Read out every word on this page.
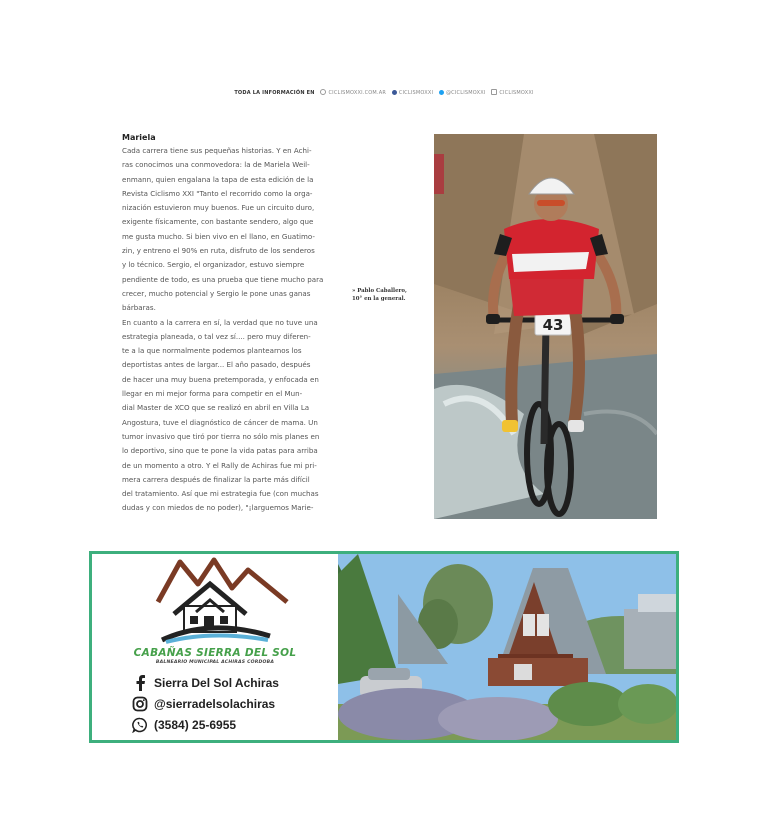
TODA LA INFORMACIÓN EN	CICLISMOXXI.COM.AR	CICLISMOXXI	@CICLISMOXXI	CICLISMOXXI
Mariela

Cada carrera tiene sus pequeñas historias. Y en Achi-
ras conocimos una conmovedora: la de Mariela Weil-
enmann, quien engalana la tapa de esta edición de la
Revista Ciclismo XXI "Tanto el recorrido como la orga-
nización estuvieron muy buenos. Fue un circuito duro,
exigente físicamente, con bastante sendero, algo que
me gusta mucho. Si bien vivo en el llano, en Guatimo-
zin, y entreno el 90% en ruta, disfruto de los senderos
y lo técnico. Sergio, el organizador, estuvo siempre
pendiente de todo, es una prueba que tiene mucho para
crecer, mucho potencial y Sergio le pone unas ganas
bárbaras.

En cuanto a la carrera en sí, la verdad que no tuve una
estrategia planeada, o tal vez sí.... pero muy diferen-
te a la que normalmente podemos plantearnos los
deportistas antes de largar... El año pasado, después
de hacer una muy buena pretemporada, y enfocada en
llegar en mi mejor forma para competir en el Mun-
dial Master de XCO que se realizó en abril en Villa La
Angostura, tuve el diagnóstico de cáncer de mama. Un
tumor invasivo que tiró por tierra no sólo mis planes en
lo deportivo, sino que te pone la vida patas para arriba
de un momento a otro. Y el Rally de Achiras fue mi pri-
mera carrera después de finalizar la parte más difícil
del tratamiento. Así que mi estrategia fue (con muchas
dudas y con miedos de no poder), "¡larguemos Marie-

» Pablo Caballero,
10° en la general.
43
CABAÑAS SIERRA DEL SOL
BALNEARIO MUNICIPAL ACHIRAS CÓRDOBA
Sierra Del Sol Achiras
@sierradelsolachiras
(3584) 25-6955
